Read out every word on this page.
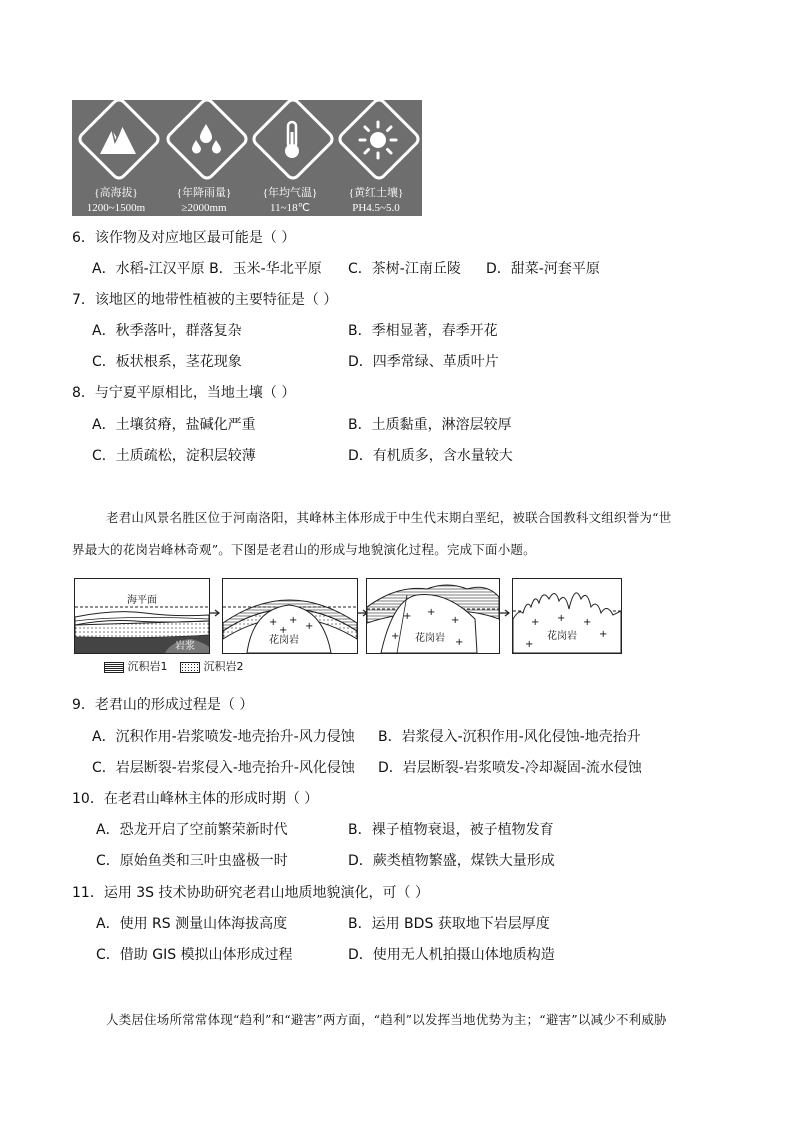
{高海拔}
1200~1500m
{年降雨量}
≥2000mm
{年均气温}
11~18℃
{黄红土壤}
PH4.5~5.0
6．该作物及对应地区最可能是（ ）
A．水稻-江汉平原 B．玉米-华北平原 C．茶树-江南丘陵 D．甜菜-河套平原
7．该地区的地带性植被的主要特征是（ ）
A．秋季落叶，群落复杂	B．季相显著，春季开花
C．板状根系，茎花现象	D．四季常绿、革质叶片
8．与宁夏平原相比，当地土壤（ ）
A．土壤贫瘠，盐碱化严重	B．土质黏重，淋溶层较厚
C．土质疏松，淀积层较薄	D．有机质多，含水量较大
老君山风景名胜区位于河南洛阳，其峰林主体形成于中生代末期白垩纪，被联合国教科文组织誉为“世
界最大的花岗岩峰林奇观”。下图是老君山的形成与地貌演化过程。完成下面小题。
海平面
岩浆
花岗岩
+ +
+
+
花岗岩
+ +
+
+
+
花岗岩
+ + +
+
+
沉积岩1	沉积岩2
9．老君山的形成过程是（ ）
A．沉积作用-岩浆喷发-地壳抬升-风力侵蚀 B．岩浆侵入-沉积作用-风化侵蚀-地壳抬升
C．岩层断裂-岩浆侵入-地壳抬升-风化侵蚀 D．岩层断裂-岩浆喷发-冷却凝固-流水侵蚀
10．在老君山峰林主体的形成时期（ ）
A．恐龙开启了空前繁荣新时代	B．裸子植物衰退，被子植物发育
C．原始鱼类和三叶虫盛极一时	D．蕨类植物繁盛，煤铁大量形成
11．运用 3S 技术协助研究老君山地质地貌演化，可（ ）
A．使用 RS 测量山体海拔高度	B．运用 BDS 获取地下岩层厚度
C．借助 GIS 模拟山体形成过程	D．使用无人机拍摄山体地质构造
人类居住场所常常体现“趋利”和“避害”两方面，“趋利”以发挥当地优势为主；“避害”以减少不利威胁
